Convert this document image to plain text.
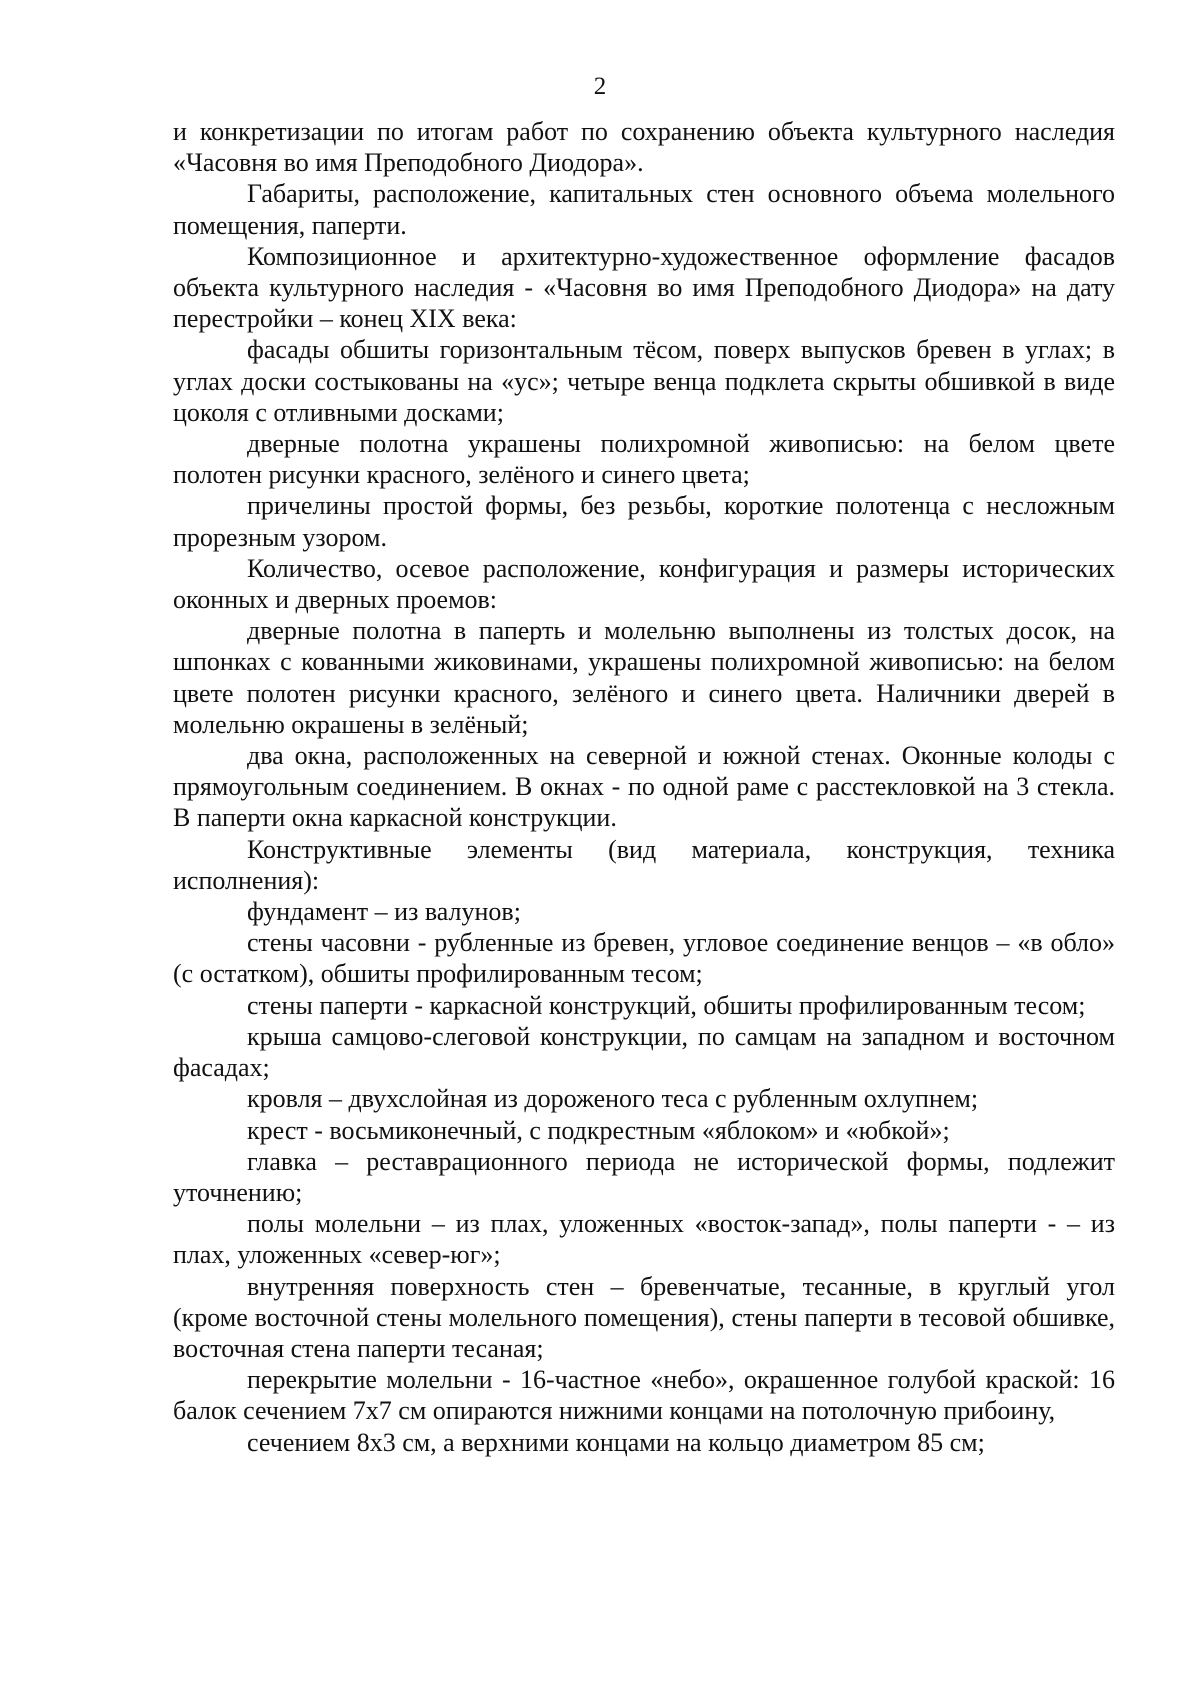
2

и конкретизации по итогам работ по сохранению объекта культурного наследия «Часовня во имя Преподобного Диодора».

Габариты, расположение, капитальных стен основного объема молельного помещения, паперти.

Композиционное и архитектурно-художественное оформление фасадов объекта культурного наследия - «Часовня во имя Преподобного Диодора» на дату перестройки – конец XIX века:

фасады обшиты горизонтальным тёсом, поверх выпусков бревен в углах; в углах доски состыкованы на «ус»; четыре венца подклета скрыты обшивкой в виде цоколя с отливными досками;

дверные полотна украшены полихромной живописью: на белом цвете полотен рисунки красного, зелёного и синего цвета;

причелины простой формы, без резьбы, короткие полотенца с несложным прорезным узором.

Количество, осевое расположение, конфигурация и размеры исторических оконных и дверных проемов:

дверные полотна в паперть и молельню выполнены из толстых досок, на шпонках с кованными жиковинами, украшены полихромной живописью: на белом цвете полотен рисунки красного, зелёного и синего цвета. Наличники дверей в молельню окрашены в зелёный;

два окна, расположенных на северной и южной стенах. Оконные колоды с прямоугольным соединением. В окнах - по одной раме с расстекловкой на 3 стекла. В паперти окна каркасной конструкции.

Конструктивные элементы (вид материала, конструкция, техника исполнения):

фундамент – из валунов;

стены часовни - рубленные из бревен, угловое соединение венцов – «в обло» (с остатком), обшиты профилированным тесом;

стены паперти - каркасной конструкций, обшиты профилированным тесом;

крыша самцово-слеговой конструкции, по самцам на западном и восточном фасадах;

кровля – двухслойная из дороженого теса с рубленным охлупнем;

крест - восьмиконечный, с подкрестным «яблоком» и «юбкой»;

главка – реставрационного периода не исторической формы, подлежит уточнению;

полы молельни – из плах, уложенных «восток-запад», полы паперти - – из плах, уложенных «север-юг»;

внутренняя поверхность стен – бревенчатые, тесанные, в круглый угол (кроме восточной стены молельного помещения), стены паперти в тесовой обшивке, восточная стена паперти тесаная;

перекрытие молельни - 16-частное «небо», окрашенное голубой краской: 16 балок сечением 7х7 см опираются нижними концами на потолочную прибоину,

сечением 8х3 см, а верхними концами на кольцо диаметром 85 см;
